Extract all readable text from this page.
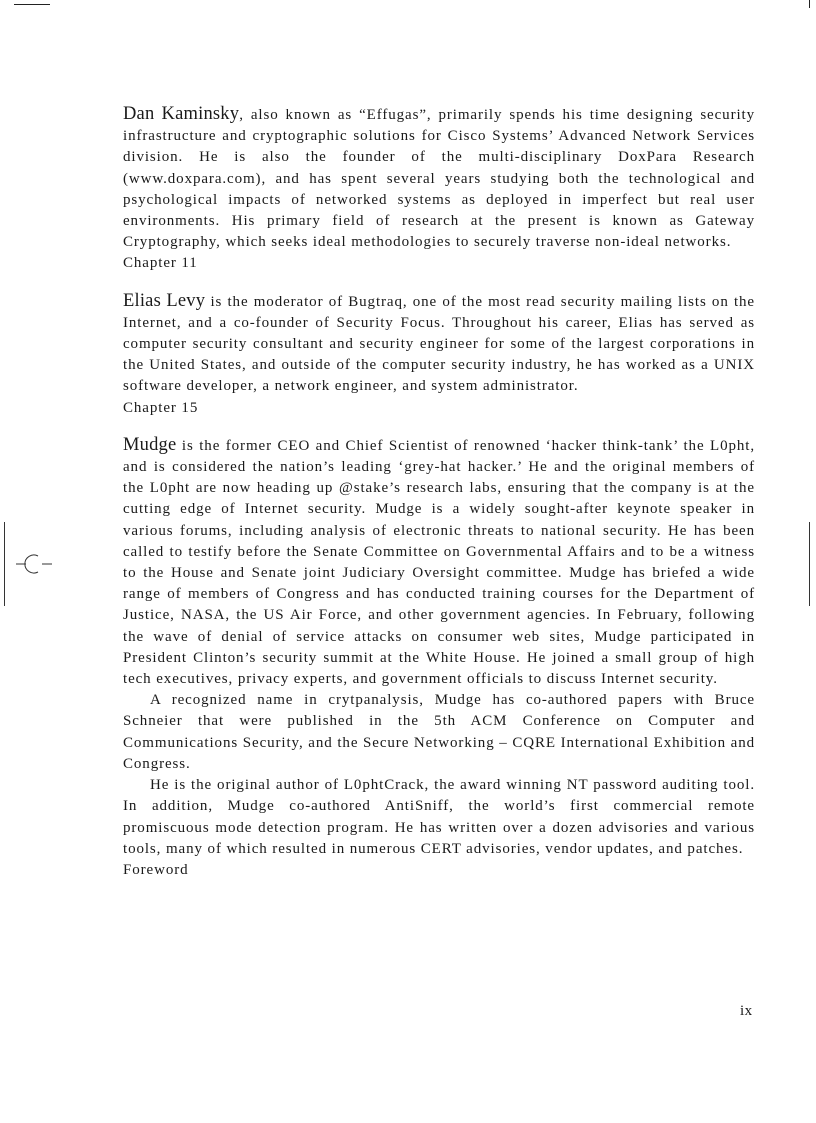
Dan Kaminsky, also known as “Effugas”, primarily spends his time designing security infrastructure and cryptographic solutions for Cisco Systems’ Advanced Network Services division. He is also the founder of the multi-disciplinary DoxPara Research (www.doxpara.com), and has spent several years studying both the technological and psychological impacts of networked systems as deployed in imperfect but real user environments. His primary field of research at the present is known as Gateway Cryptography, which seeks ideal methodologies to securely traverse non-ideal networks.

Chapter 11

Elias Levy is the moderator of Bugtraq, one of the most read security mailing lists on the Internet, and a co-founder of Security Focus. Throughout his career, Elias has served as computer security consultant and security engineer for some of the largest corporations in the United States, and outside of the computer security industry, he has worked as a UNIX software developer, a network engineer, and system administrator.

Chapter 15

Mudge is the former CEO and Chief Scientist of renowned ‘hacker think-tank’ the L0pht, and is considered the nation’s leading ‘grey-hat hacker.’ He and the original members of the L0pht are now heading up @stake’s research labs, ensuring that the company is at the cutting edge of Internet security. Mudge is a widely sought-after keynote speaker in various forums, including analysis of electronic threats to national security. He has been called to testify before the Senate Committee on Governmental Affairs and to be a witness to the House and Senate joint Judiciary Oversight committee. Mudge has briefed a wide range of members of Congress and has conducted training courses for the Department of Justice, NASA, the US Air Force, and other government agencies. In February, following the wave of denial of service attacks on consumer web sites, Mudge participated in President Clinton’s security summit at the White House. He joined a small group of high tech executives, privacy experts, and government officials to discuss Internet security.

A recognized name in crytpanalysis, Mudge has co-authored papers with Bruce Schneier that were published in the 5th ACM Conference on Computer and Communications Security, and the Secure Networking – CQRE International Exhibition and Congress.

He is the original author of L0phtCrack, the award winning NT password auditing tool. In addition, Mudge co-authored AntiSniff, the world’s first commercial remote promiscuous mode detection program. He has written over a dozen advisories and various tools, many of which resulted in numerous CERT advisories, vendor updates, and patches.

Foreword
ix
